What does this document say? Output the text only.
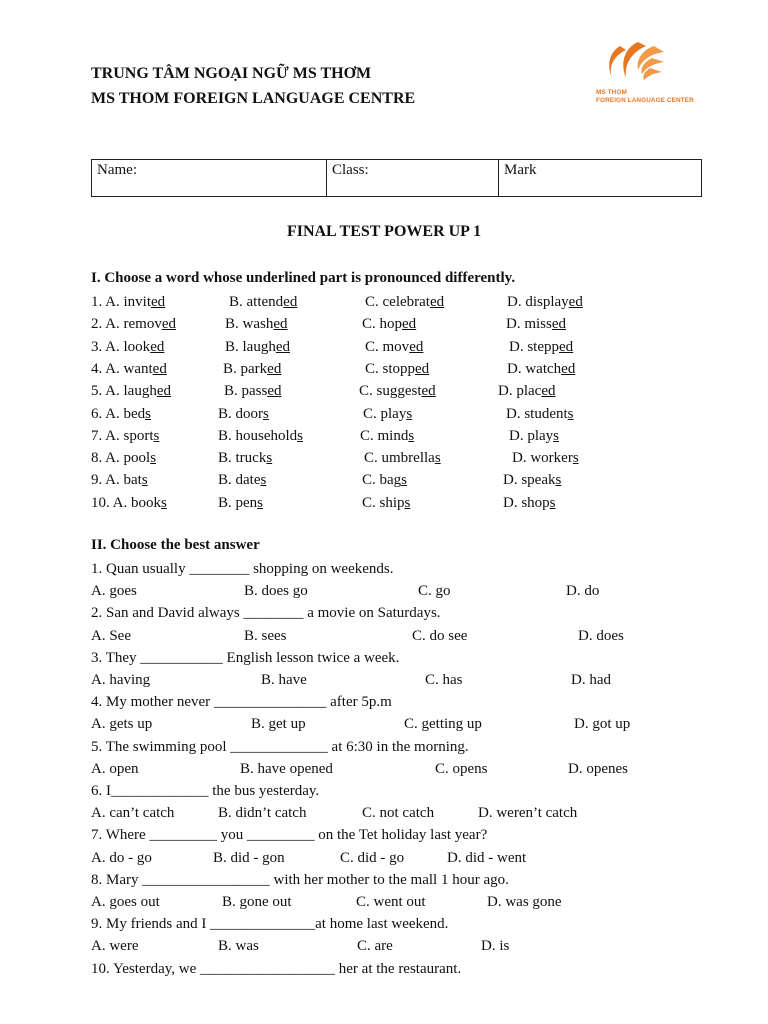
TRUNG TÂM NGOẠI NGỮ MS THƠM
MS THOM FOREIGN LANGUAGE CENTRE	MS THOM
FOREIGN LANGUAGE CENTER
Name:	Class:	Mark
FINAL TEST POWER UP 1
I. Choose a word whose underlined part is pronounced differently.
1. A. invited	B. attended	C. celebrated	D. displayed
2. A. removed	B. washed	C. hoped	D. missed
3. A. looked	B. laughed	C. moved	D. stepped
4. A. wanted	B. parked	C. stopped	D. watched
5. A. laughed	B. passed	C. suggested	D. placed
6. A. beds	B. doors	C. plays	D. students
7. A. sports	B. households	C. minds	D. plays
8. A. pools	B. trucks	C. umbrellas	D. workers
9. A. bats	B. dates	C. bags	D. speaks
10. A. books	B. pens	C. ships	D. shops
II. Choose the best answer
1. Quan usually ________ shopping on weekends.
A. goes	B. does go	C. go	D. do
2. San and David always ________ a movie on Saturdays.
A. See	B. sees	C. do see	D. does
3. They ___________ English lesson twice a week.
A. having	B. have	C. has	D. had
4. My mother never _______________ after 5p.m
A. gets up	B. get up	C. getting up	D. got up
5. The swimming pool _____________ at 6:30 in the morning.
A. open	B. have opened	C. opens	D. openes
6. I_____________ the bus yesterday.
A. can’t catch	B. didn’t catch	C. not catch	D. weren’t catch
7. Where _________ you _________ on the Tet holiday last year?
A. do - go	B. did - gon	C. did - go	D. did - went
8. Mary _________________ with her mother to the mall 1 hour ago.
A. goes out	B. gone out	C. went out	D. was gone
9. My friends and I ______________at home last weekend.
A. were	B. was	C. are	D. is
10. Yesterday, we __________________ her at the restaurant.
